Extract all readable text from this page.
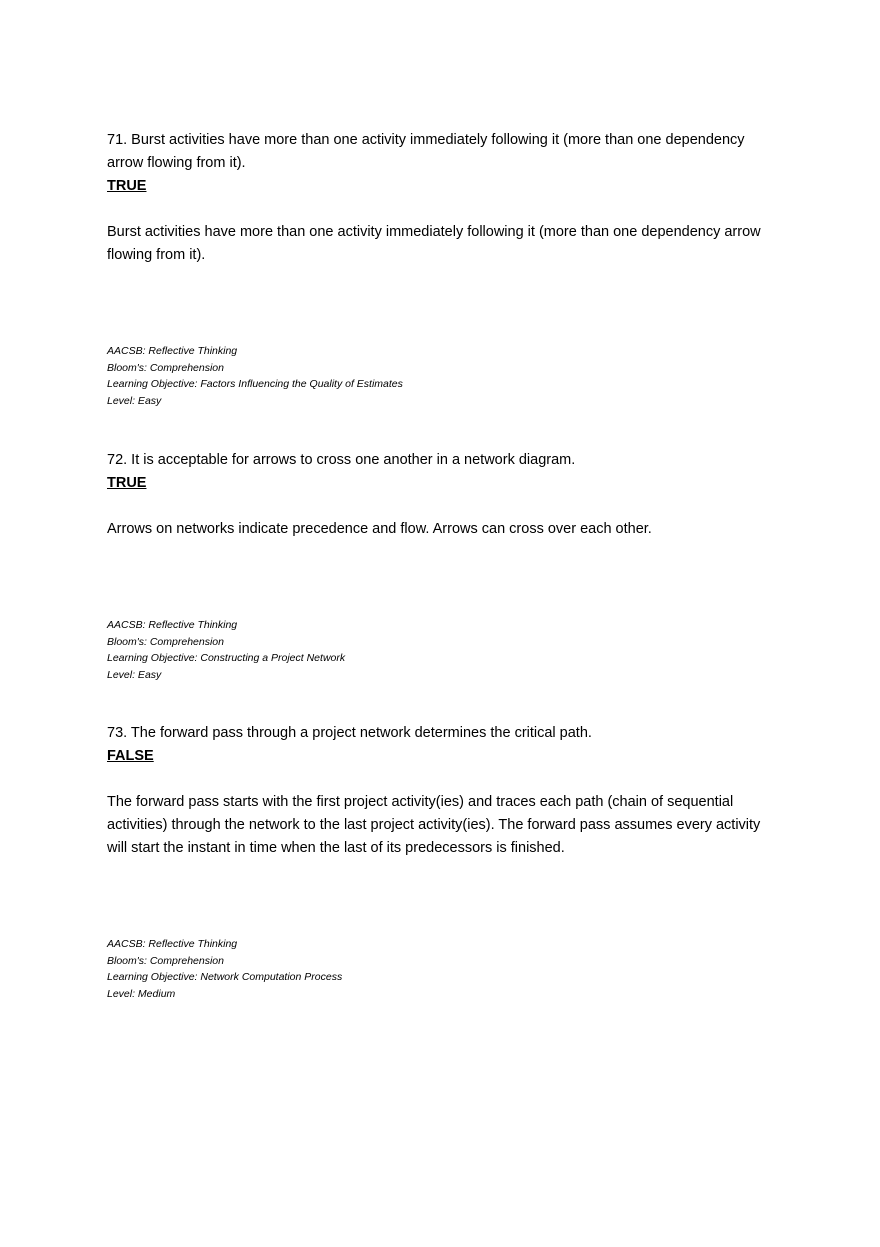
71. Burst activities have more than one activity immediately following it (more than one dependency arrow flowing from it).

TRUE

Burst activities have more than one activity immediately following it (more than one dependency arrow flowing from it).

AACSB: Reflective Thinking
Bloom's: Comprehension
Learning Objective: Factors Influencing the Quality of Estimates
Level: Easy

72. It is acceptable for arrows to cross one another in a network diagram.

TRUE

Arrows on networks indicate precedence and flow. Arrows can cross over each other.

AACSB: Reflective Thinking
Bloom's: Comprehension
Learning Objective: Constructing a Project Network
Level: Easy

73. The forward pass through a project network determines the critical path.

FALSE

The forward pass starts with the first project activity(ies) and traces each path (chain of sequential activities) through the network to the last project activity(ies). The forward pass assumes every activity will start the instant in time when the last of its predecessors is finished.

AACSB: Reflective Thinking
Bloom's: Comprehension
Learning Objective: Network Computation Process
Level: Medium
